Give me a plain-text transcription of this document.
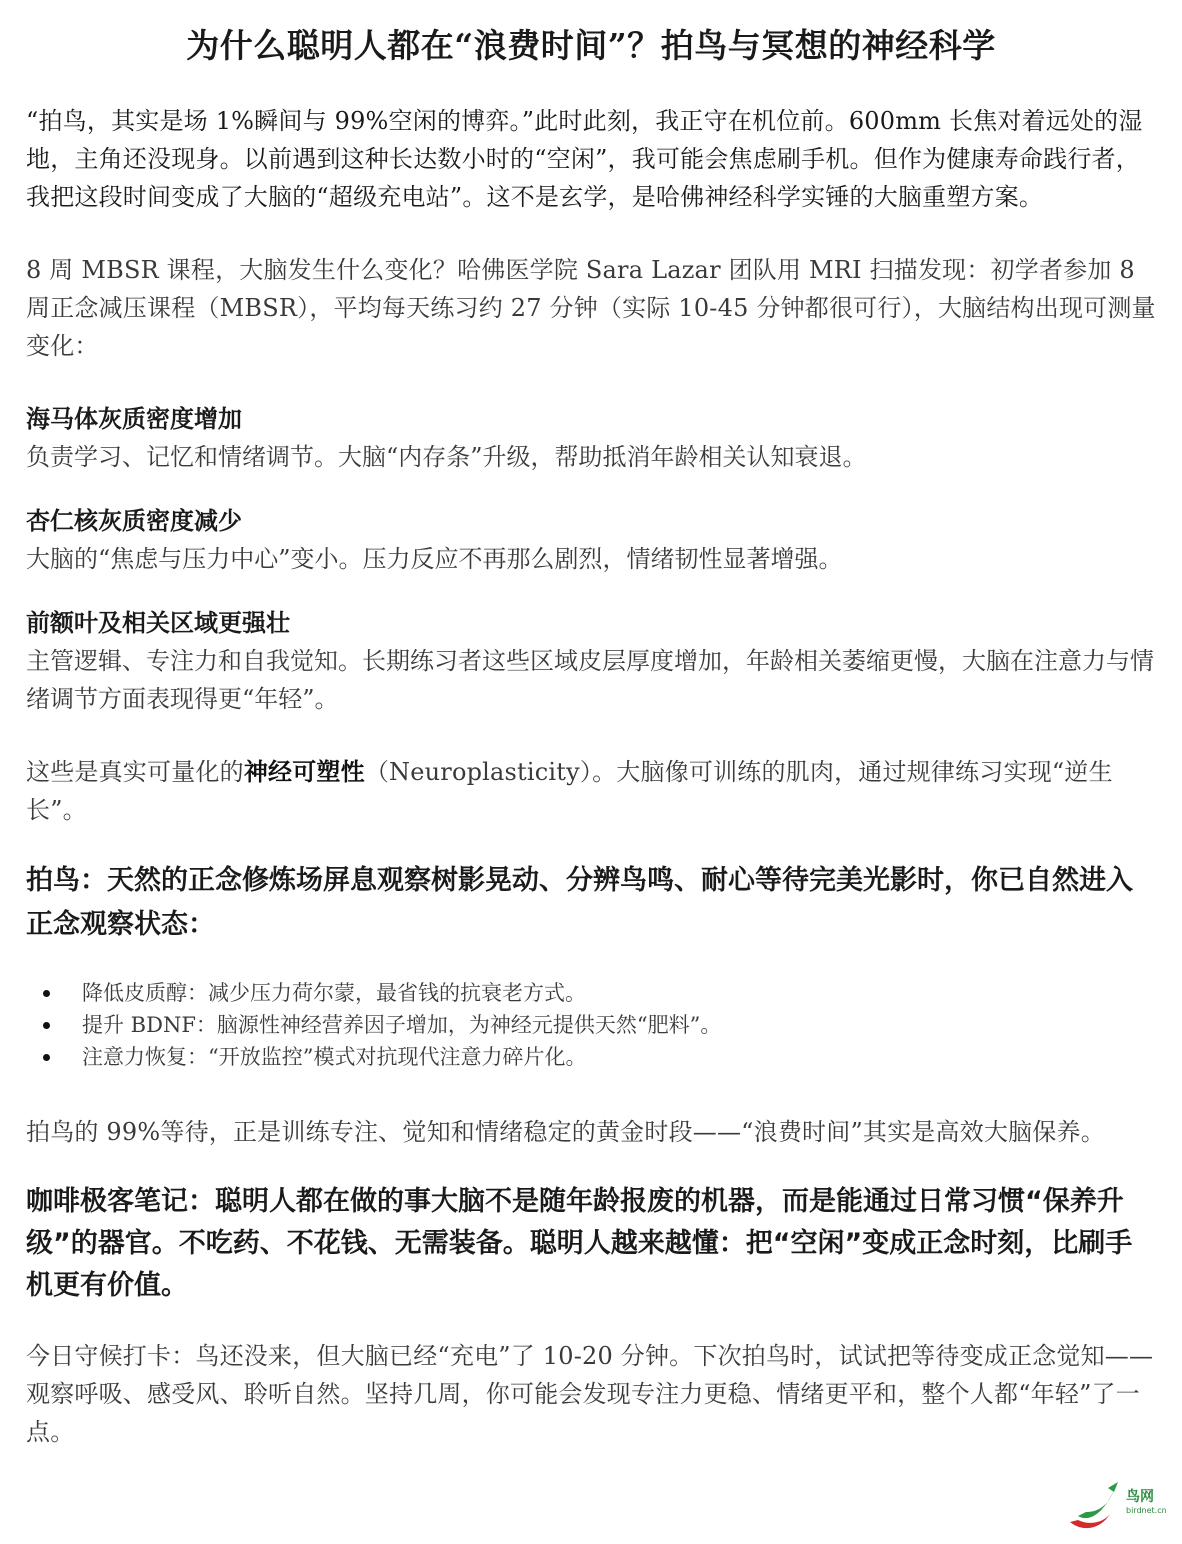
为什么聪明人都在“浪费时间”？拍鸟与冥想的神经科学

“拍鸟，其实是场 1%瞬间与 99%空闲的博弈。”此时此刻，我正守在机位前。600mm 长焦对着远处的湿地，主角还没现身。以前遇到这种长达数小时的“空闲”，我可能会焦虑刷手机。但作为健康寿命践行者，我把这段时间变成了大脑的“超级充电站”。这不是玄学，是哈佛神经科学实锤的大脑重塑方案。

8 周 MBSR 课程，大脑发生什么变化？哈佛医学院 Sara Lazar 团队用 MRI 扫描发现：初学者参加 8 周正念减压课程（MBSR），平均每天练习约 27 分钟（实际 10-45 分钟都很可行），大脑结构出现可测量变化：

海马体灰质密度增加
负责学习、记忆和情绪调节。大脑“内存条”升级，帮助抵消年龄相关认知衰退。
杏仁核灰质密度减少
大脑的“焦虑与压力中心”变小。压力反应不再那么剧烈，情绪韧性显著增强。
前额叶及相关区域更强壮
主管逻辑、专注力和自我觉知。长期练习者这些区域皮层厚度增加，年龄相关萎缩更慢，大脑在注意力与情绪调节方面表现得更“年轻”。

这些是真实可量化的神经可塑性（Neuroplasticity）。大脑像可训练的肌肉，通过规律练习实现“逆生长”。

拍鸟：天然的正念修炼场屏息观察树影晃动、分辨鸟鸣、耐心等待完美光影时，你已自然进入正念观察状态：
降低皮质醇：减少压力荷尔蒙，最省钱的抗衰老方式。
提升 BDNF：脑源性神经营养因子增加，为神经元提供天然“肥料”。
注意力恢复：“开放监控”模式对抗现代注意力碎片化。

拍鸟的 99%等待，正是训练专注、觉知和情绪稳定的黄金时段——“浪费时间”其实是高效大脑保养。

咖啡极客笔记：聪明人都在做的事大脑不是随年龄报废的机器，而是能通过日常习惯“保养升级”的器官。不吃药、不花钱、无需装备。聪明人越来越懂：把“空闲”变成正念时刻，比刷手机更有价值。

今日守候打卡：鸟还没来，但大脑已经“充电”了 10-20 分钟。下次拍鸟时，试试把等待变成正念觉知——观察呼吸、感受风、聆听自然。坚持几周，你可能会发现专注力更稳、情绪更平和，整个人都“年轻”了一点。

鸟网
birdnet.cn
